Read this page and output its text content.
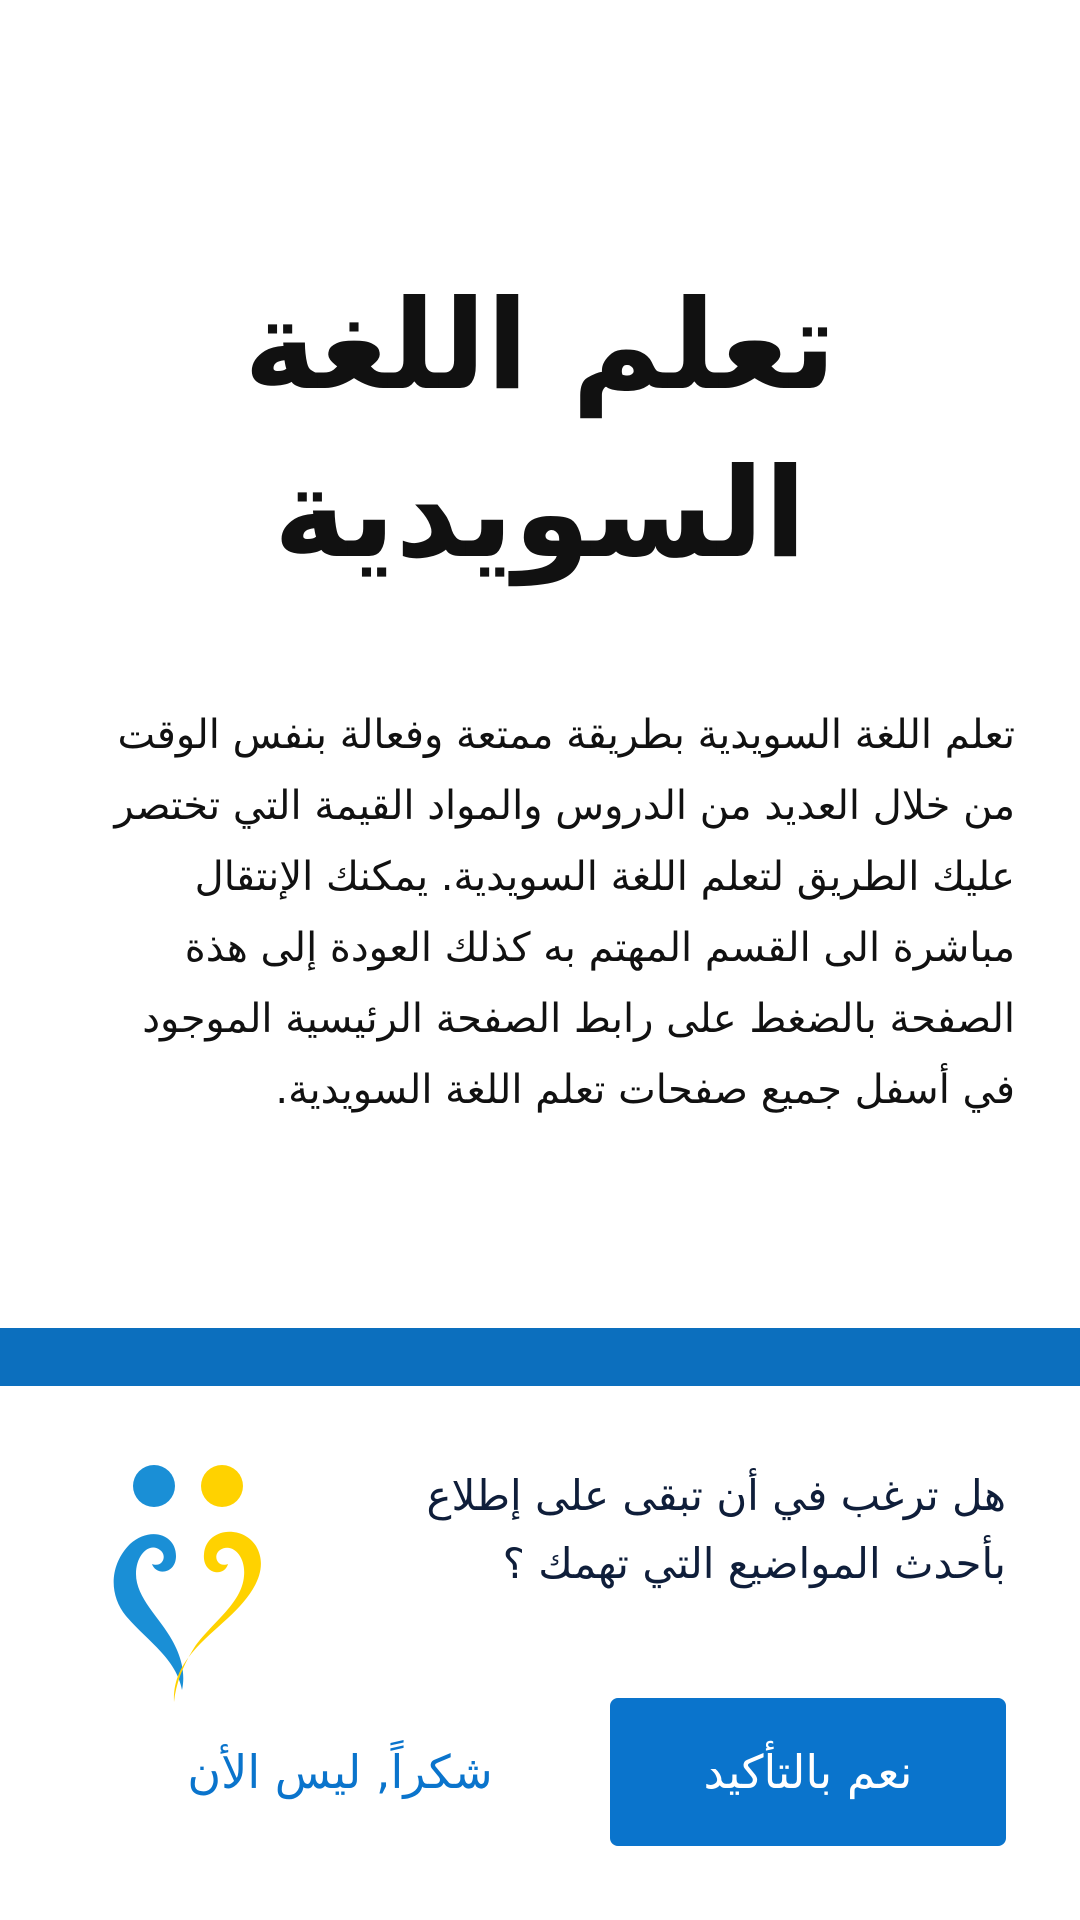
تعلم اللغة
السويدية

تعلم اللغة السويدية بطريقة ممتعة وفعالة بنفس الوقت من خلال العديد من الدروس والمواد القيمة التي تختصر عليك الطريق لتعلم اللغة السويدية. يمكنك الإنتقال مباشرة الى القسم المهتم به كذلك العودة إلى هذة الصفحة بالضغط على رابط الصفحة الرئيسية الموجود في أسفل جميع صفحات تعلم اللغة السويدية.

هل ترغب في أن تبقى على إطلاع بأحدث المواضيع التي تهمك ؟

نعم بالتأكيد
شكراً, ليس الأن
